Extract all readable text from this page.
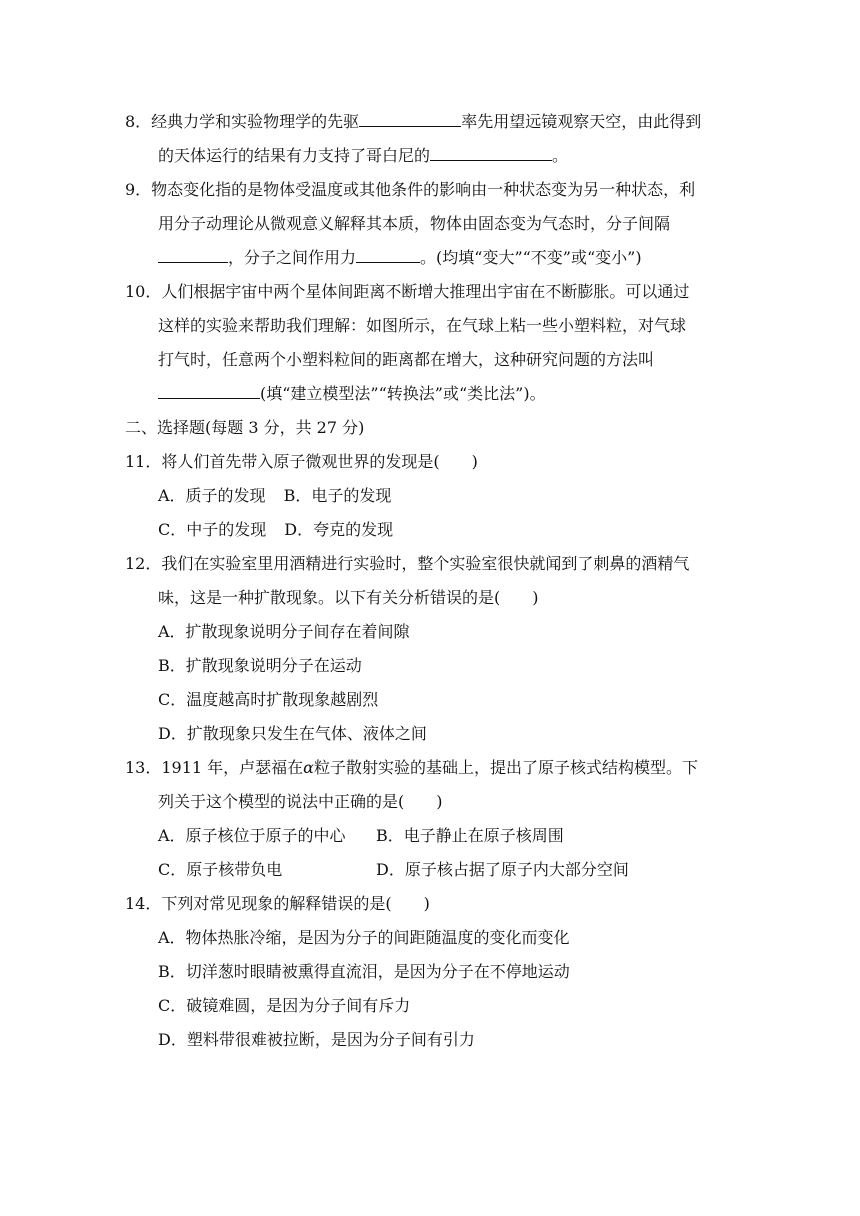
8．经典力学和实验物理学的先驱	率先用望远镜观察天空，由此得到
的天体运行的结果有力支持了哥白尼的	。
9．物态变化指的是物体受温度或其他条件的影响由一种状态变为另一种状态，利
用分子动理论从微观意义解释其本质，物体由固态变为气态时，分子间隔
，分子之间作用力	。(均填“变大”“不变”或“变小”)
10．人们根据宇宙中两个星体间距离不断增大推理出宇宙在不断膨胀。可以通过
这样的实验来帮助我们理解：如图所示，在气球上粘一些小塑料粒，对气球
打气时，任意两个小塑料粒间的距离都在增大，这种研究问题的方法叫
(填“建立模型法”“转换法”或“类比法”)。
二、选择题(每题 3 分，共 27 分)
11．将人们首先带入原子微观世界的发现是(　　)
A．质子的发现 B．电子的发现
C．中子的发现 D．夸克的发现
12．我们在实验室里用酒精进行实验时，整个实验室很快就闻到了刺鼻的酒精气
味，这是一种扩散现象。以下有关分析错误的是(　　)
A．扩散现象说明分子间存在着间隙
B．扩散现象说明分子在运动
C．温度越高时扩散现象越剧烈
D．扩散现象只发生在气体、液体之间
13．1911 年，卢瑟福在α粒子散射实验的基础上，提出了原子核式结构模型。下
列关于这个模型的说法中正确的是(　　)
A．原子核位于原子的中心 B．电子静止在原子核周围
C．原子核带负电	D．原子核占据了原子内大部分空间
14．下列对常见现象的解释错误的是(　　)
A．物体热胀冷缩，是因为分子的间距随温度的变化而变化
B．切洋葱时眼睛被熏得直流泪，是因为分子在不停地运动
C．破镜难圆，是因为分子间有斥力
D．塑料带很难被拉断，是因为分子间有引力
